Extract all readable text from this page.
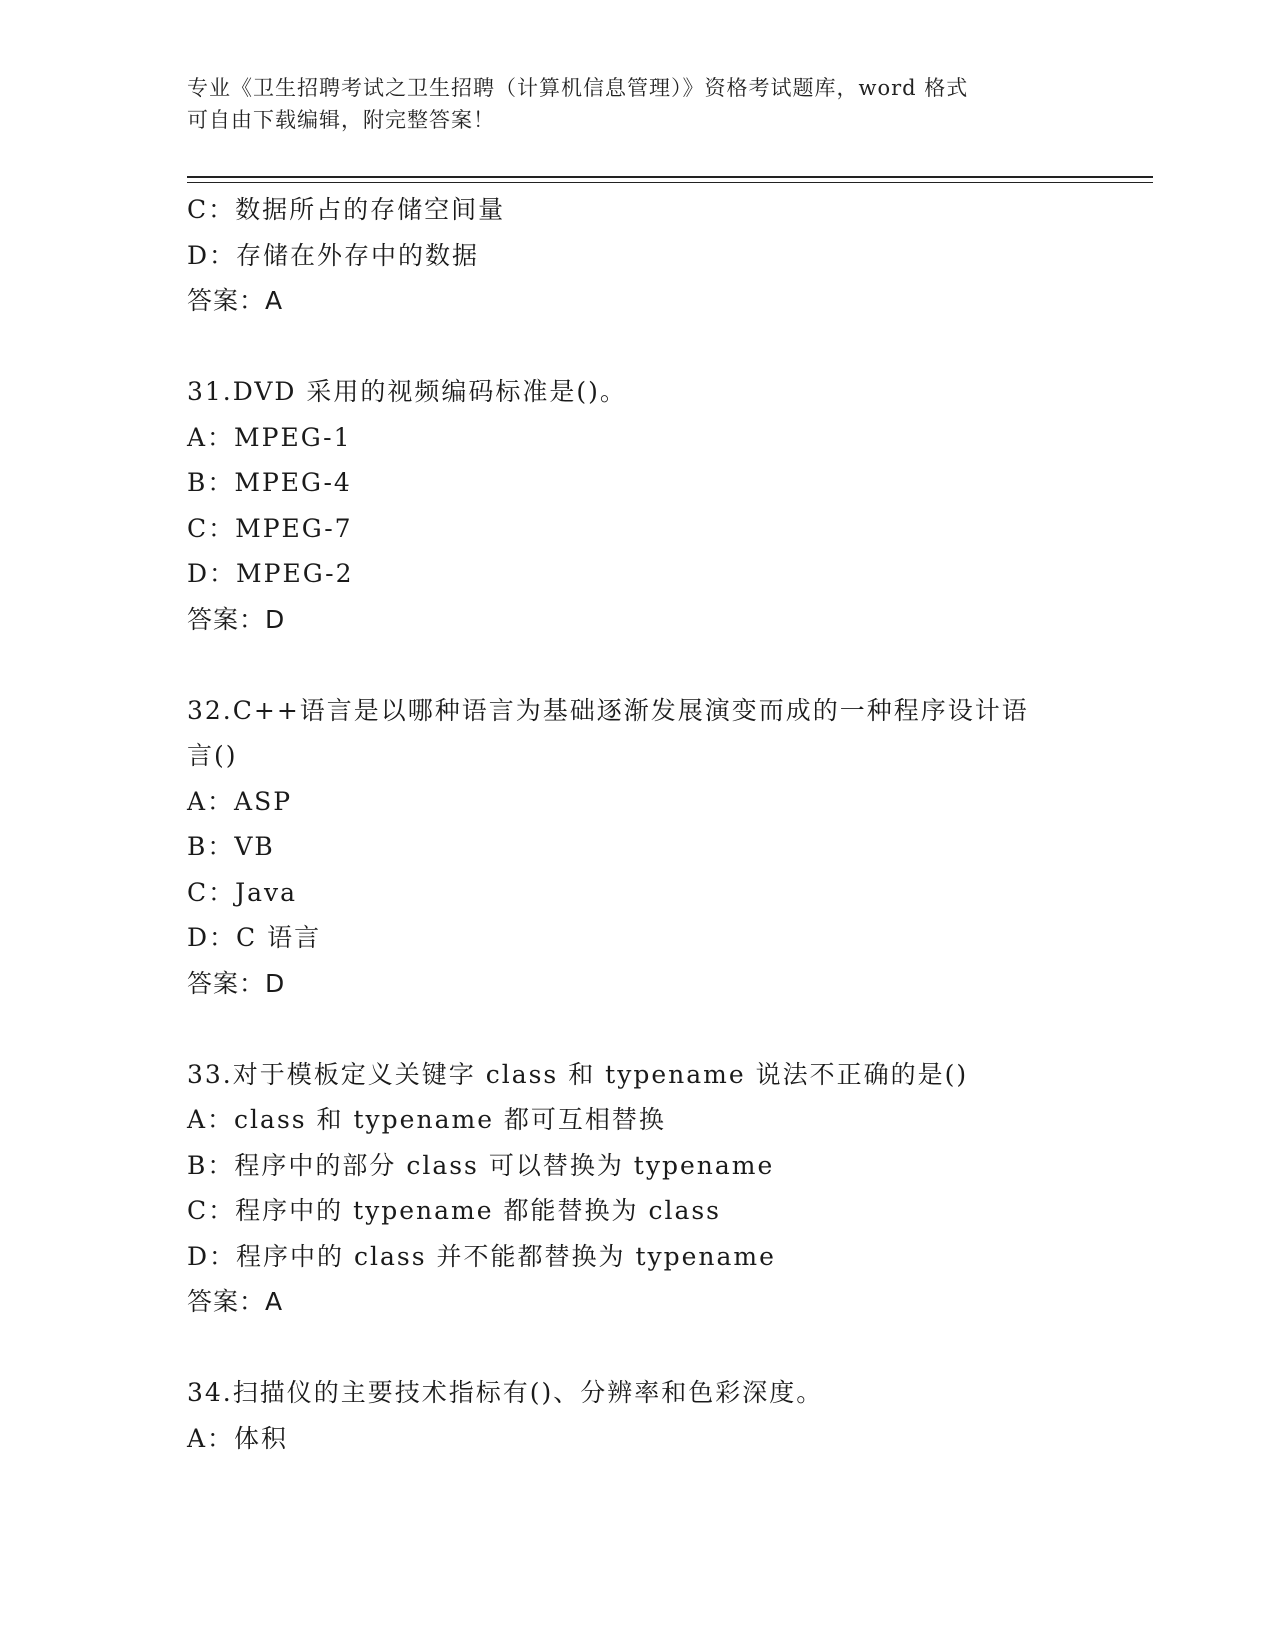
专业《卫生招聘考试之卫生招聘（计算机信息管理）》资格考试题库，word 格式
可自由下载编辑，附完整答案！
C：数据所占的存储空间量
D：存储在外存中的数据
答案：A
31.DVD 采用的视频编码标准是()。
A：MPEG-1
B：MPEG-4
C：MPEG-7
D：MPEG-2
答案：D
32.C++语言是以哪种语言为基础逐渐发展演变而成的一种程序设计语
言()
A：ASP
B：VB
C：Java
D：C 语言
答案：D
33.对于模板定义关键字 class 和 typename 说法不正确的是()
A：class 和 typename 都可互相替换
B：程序中的部分 class 可以替换为 typename
C：程序中的 typename 都能替换为 class
D：程序中的 class 并不能都替换为 typename
答案：A
34.扫描仪的主要技术指标有()、分辨率和色彩深度。
A：体积
